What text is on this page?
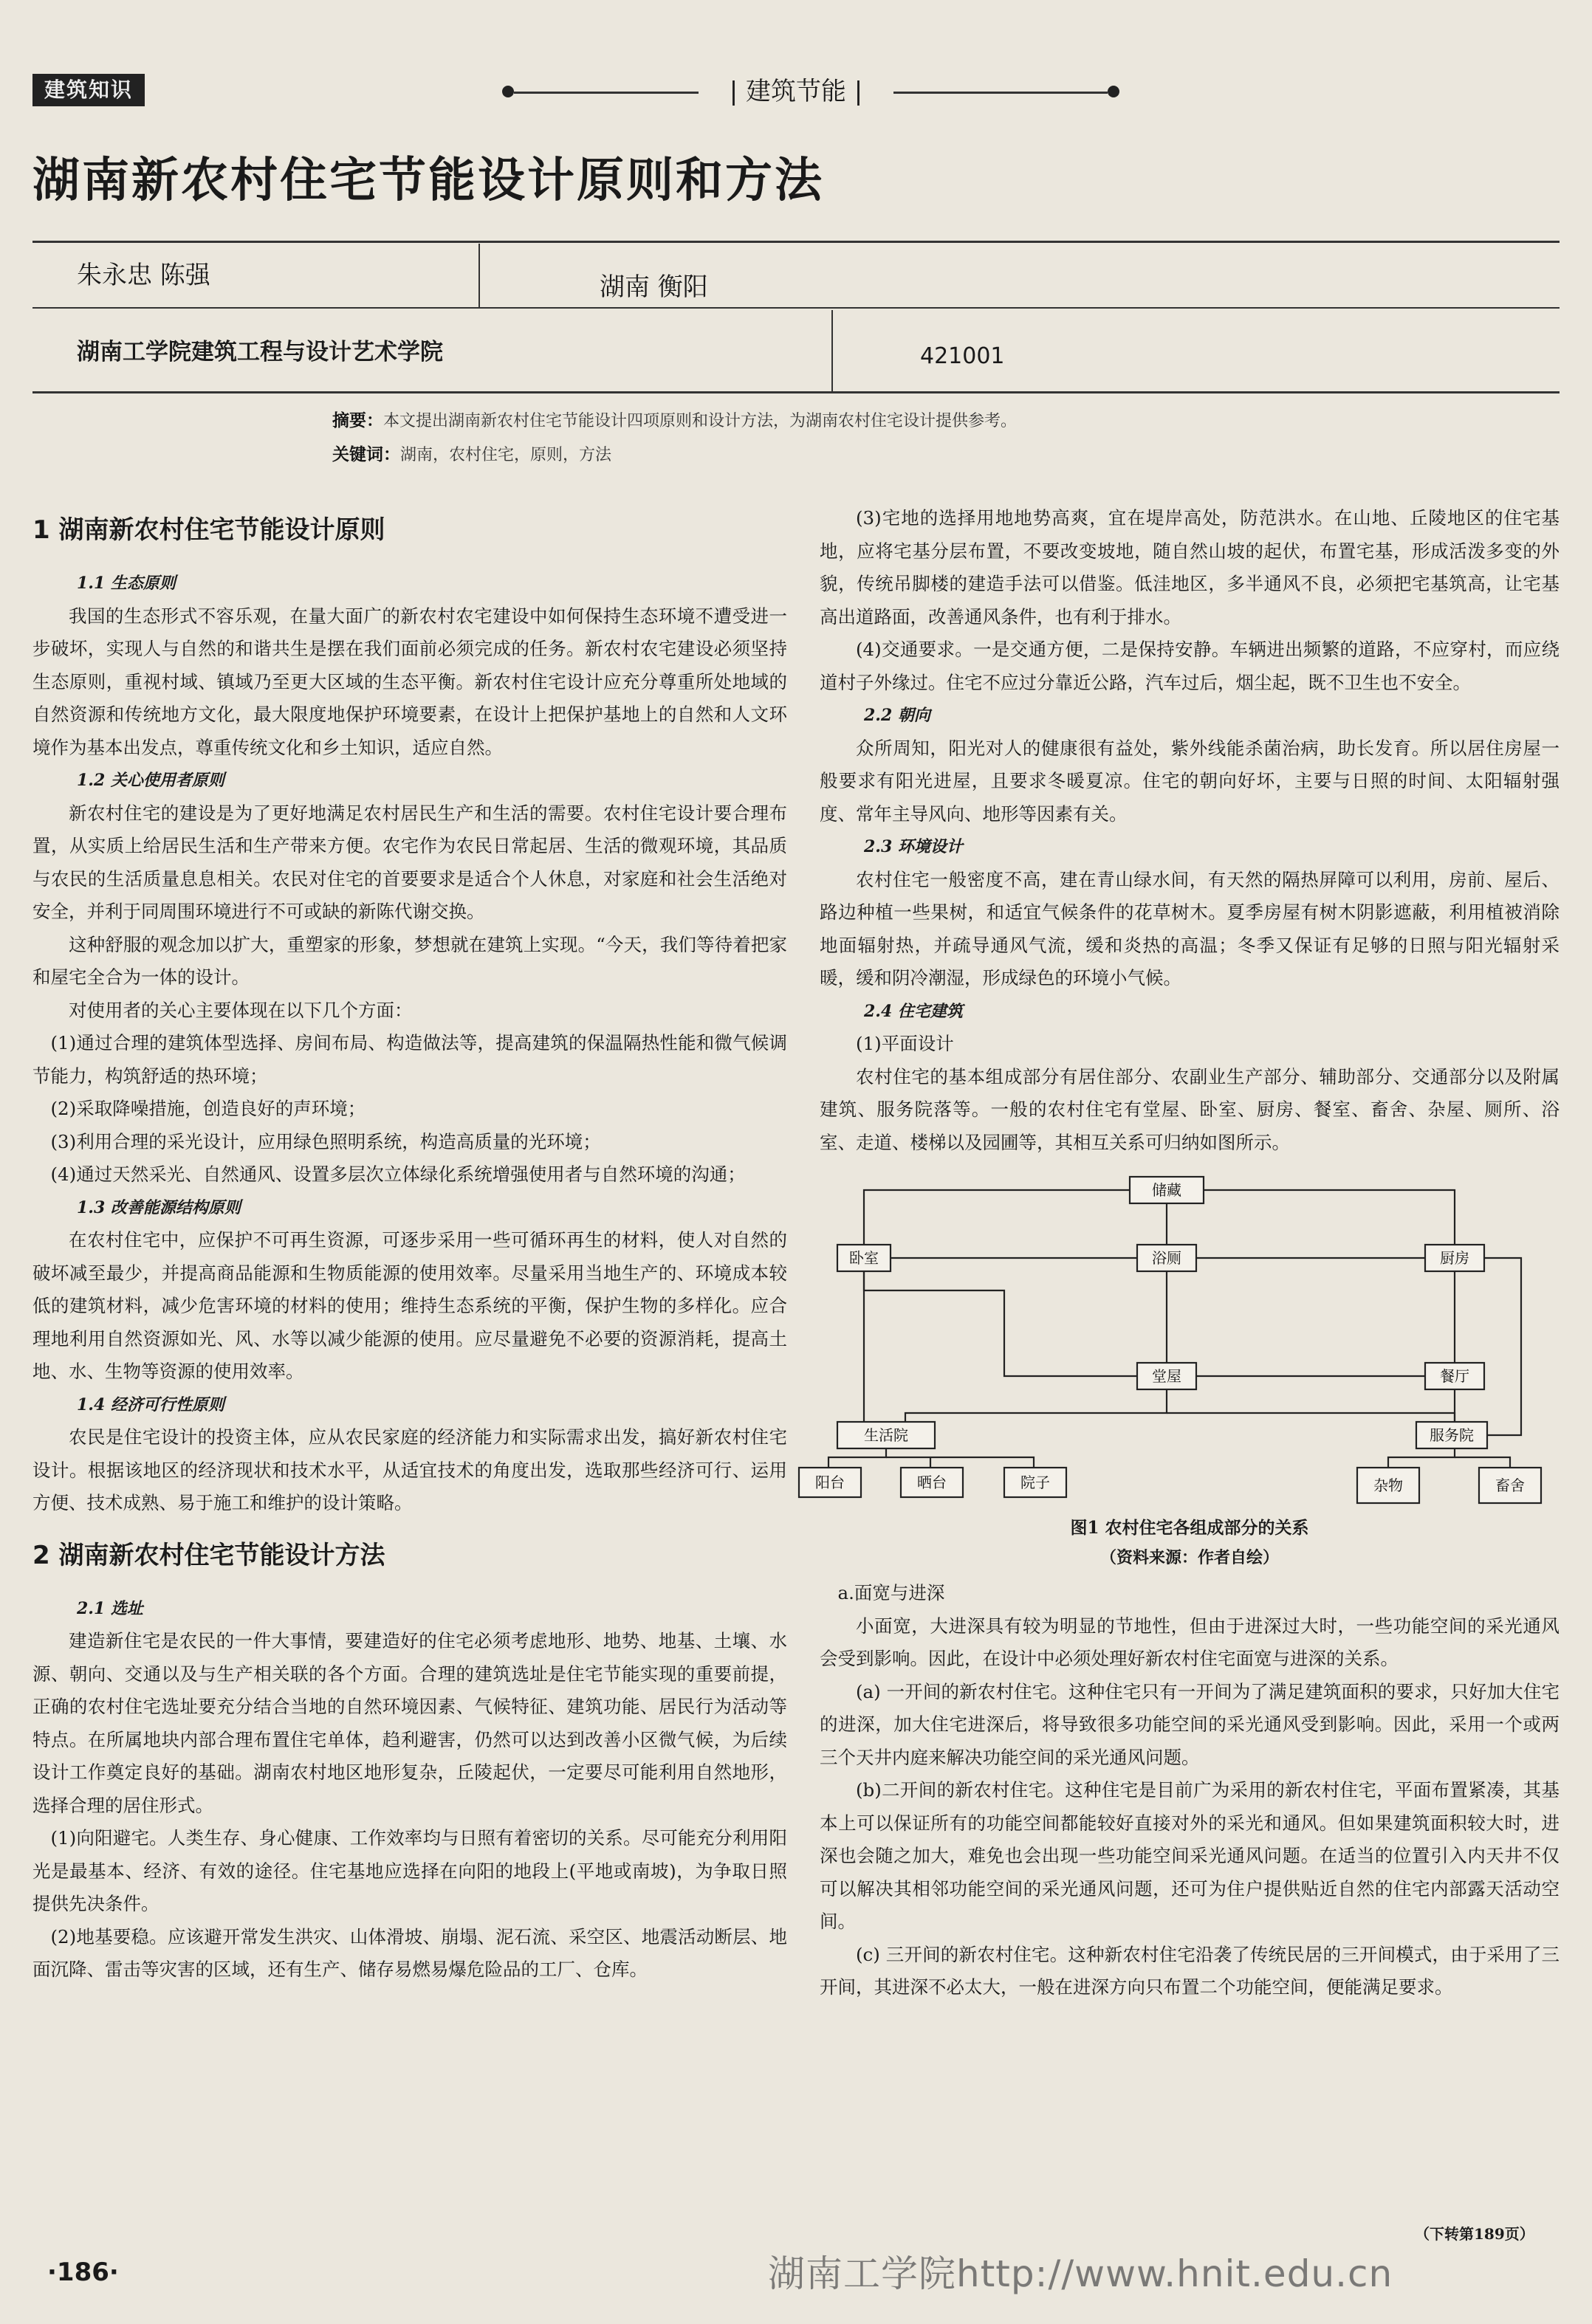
建筑知识	| 建筑节能 |
湖南新农村住宅节能设计原则和方法
朱永忠 陈强	湖南 衡阳
湖南工学院建筑工程与设计艺术学院	421001
摘要：本文提出湖南新农村住宅节能设计四项原则和设计方法，为湖南农村住宅设计提供参考。
关键词：湖南，农村住宅，原则，方法
1 湖南新农村住宅节能设计原则
1.1 生态原则

我国的生态形式不容乐观，在量大面广的新农村农宅建设中如何保持生态环境不遭受进一步破坏，实现人与自然的和谐共生是摆在我们面前必须完成的任务。新农村农宅建设必须坚持生态原则，重视村域、镇域乃至更大区域的生态平衡。新农村住宅设计应充分尊重所处地域的自然资源和传统地方文化，最大限度地保护环境要素，在设计上把保护基地上的自然和人文环境作为基本出发点，尊重传统文化和乡土知识，适应自然。

1.2 关心使用者原则

新农村住宅的建设是为了更好地满足农村居民生产和生活的需要。农村住宅设计要合理布置，从实质上给居民生活和生产带来方便。农宅作为农民日常起居、生活的微观环境，其品质与农民的生活质量息息相关。农民对住宅的首要要求是适合个人休息，对家庭和社会生活绝对安全，并利于同周围环境进行不可或缺的新陈代谢交换。

这种舒服的观念加以扩大，重塑家的形象，梦想就在建筑上实现。“今天，我们等待着把家和屋宅全合为一体的设计。

对使用者的关心主要体现在以下几个方面：

(1)通过合理的建筑体型选择、房间布局、构造做法等，提高建筑的保温隔热性能和微气候调节能力，构筑舒适的热环境；

(2)采取降噪措施，创造良好的声环境；

(3)利用合理的采光设计，应用绿色照明系统，构造高质量的光环境；

(4)通过天然采光、自然通风、设置多层次立体绿化系统增强使用者与自然环境的沟通；

1.3 改善能源结构原则

在农村住宅中，应保护不可再生资源，可逐步采用一些可循环再生的材料，使人对自然的破坏减至最少，并提高商品能源和生物质能源的使用效率。尽量采用当地生产的、环境成本较低的建筑材料，减少危害环境的材料的使用；维持生态系统的平衡，保护生物的多样化。应合理地利用自然资源如光、风、水等以减少能源的使用。应尽量避免不必要的资源消耗，提高土地、水、生物等资源的使用效率。

1.4 经济可行性原则

农民是住宅设计的投资主体，应从农民家庭的经济能力和实际需求出发，搞好新农村住宅设计。根据该地区的经济现状和技术水平，从适宜技术的角度出发，选取那些经济可行、运用方便、技术成熟、易于施工和维护的设计策略。

2 湖南新农村住宅节能设计方法
2.1 选址

建造新住宅是农民的一件大事情，要建造好的住宅必须考虑地形、地势、地基、土壤、水源、朝向、交通以及与生产相关联的各个方面。合理的建筑选址是住宅节能实现的重要前提，正确的农村住宅选址要充分结合当地的自然环境因素、气候特征、建筑功能、居民行为活动等特点。在所属地块内部合理布置住宅单体，趋利避害，仍然可以达到改善小区微气候，为后续设计工作奠定良好的基础。湖南农村地区地形复杂，丘陵起伏，一定要尽可能利用自然地形，选择合理的居住形式。

(1)向阳避宅。人类生存、身心健康、工作效率均与日照有着密切的关系。尽可能充分利用阳光是最基本、经济、有效的途径。住宅基地应选择在向阳的地段上(平地或南坡)，为争取日照提供先决条件。

(2)地基要稳。应该避开常发生洪灾、山体滑坡、崩塌、泥石流、采空区、地震活动断层、地面沉降、雷击等灾害的区域，还有生产、储存易燃易爆危险品的工厂、仓库。

(3)宅地的选择用地地势高爽，宜在堤岸高处，防范洪水。在山地、丘陵地区的住宅基地，应将宅基分层布置，不要改变坡地，随自然山坡的起伏，布置宅基，形成活泼多变的外貌，传统吊脚楼的建造手法可以借鉴。低洼地区，多半通风不良，必须把宅基筑高，让宅基高出道路面，改善通风条件，也有利于排水。

(4)交通要求。一是交通方便，二是保持安静。车辆进出频繁的道路，不应穿村，而应绕道村子外缘过。住宅不应过分靠近公路，汽车过后，烟尘起，既不卫生也不安全。

2.2 朝向

众所周知，阳光对人的健康很有益处，紫外线能杀菌治病，助长发育。所以居住房屋一般要求有阳光进屋，且要求冬暖夏凉。住宅的朝向好坏，主要与日照的时间、太阳辐射强度、常年主导风向、地形等因素有关。

2.3 环境设计

农村住宅一般密度不高，建在青山绿水间，有天然的隔热屏障可以利用，房前、屋后、路边种植一些果树，和适宜气候条件的花草树木。夏季房屋有树木阴影遮蔽，利用植被消除地面辐射热，并疏导通风气流，缓和炎热的高温；冬季又保证有足够的日照与阳光辐射采暖，缓和阴冷潮湿，形成绿色的环境小气候。

2.4 住宅建筑

(1)平面设计

农村住宅的基本组成部分有居住部分、农副业生产部分、辅助部分、交通部分以及附属建筑、服务院落等。一般的农村住宅有堂屋、卧室、厨房、餐室、畜舍、杂屋、厕所、浴室、走道、楼梯以及园圃等，其相互关系可归纳如图所示。

储藏
卧室	浴厕	厨房
堂屋	餐厅
生活院	服务院
阳台	晒台	院子	杂物	畜舍
图1 农村住宅各组成部分的关系
（资料来源：作者自绘）

a.面宽与进深

小面宽，大进深具有较为明显的节地性，但由于进深过大时，一些功能空间的采光通风会受到影响。因此，在设计中必须处理好新农村住宅面宽与进深的关系。

(a) 一开间的新农村住宅。这种住宅只有一开间为了满足建筑面积的要求，只好加大住宅的进深，加大住宅进深后，将导致很多功能空间的采光通风受到影响。因此，采用一个或两三个天井内庭来解决功能空间的采光通风问题。

(b)二开间的新农村住宅。这种住宅是目前广为采用的新农村住宅，平面布置紧凑，其基本上可以保证所有的功能空间都能较好直接对外的采光和通风。但如果建筑面积较大时，进深也会随之加大，难免也会出现一些功能空间采光通风问题。在适当的位置引入内天井不仅可以解决其相邻功能空间的采光通风问题，还可为住户提供贴近自然的住宅内部露天活动空间。

(c) 三开间的新农村住宅。这种新农村住宅沿袭了传统民居的三开间模式，由于采用了三开间，其进深不必太大，一般在进深方向只布置二个功能空间，便能满足要求。

（下转第189页）
·186·	湖南工学院http://www.hnit.edu.cn
